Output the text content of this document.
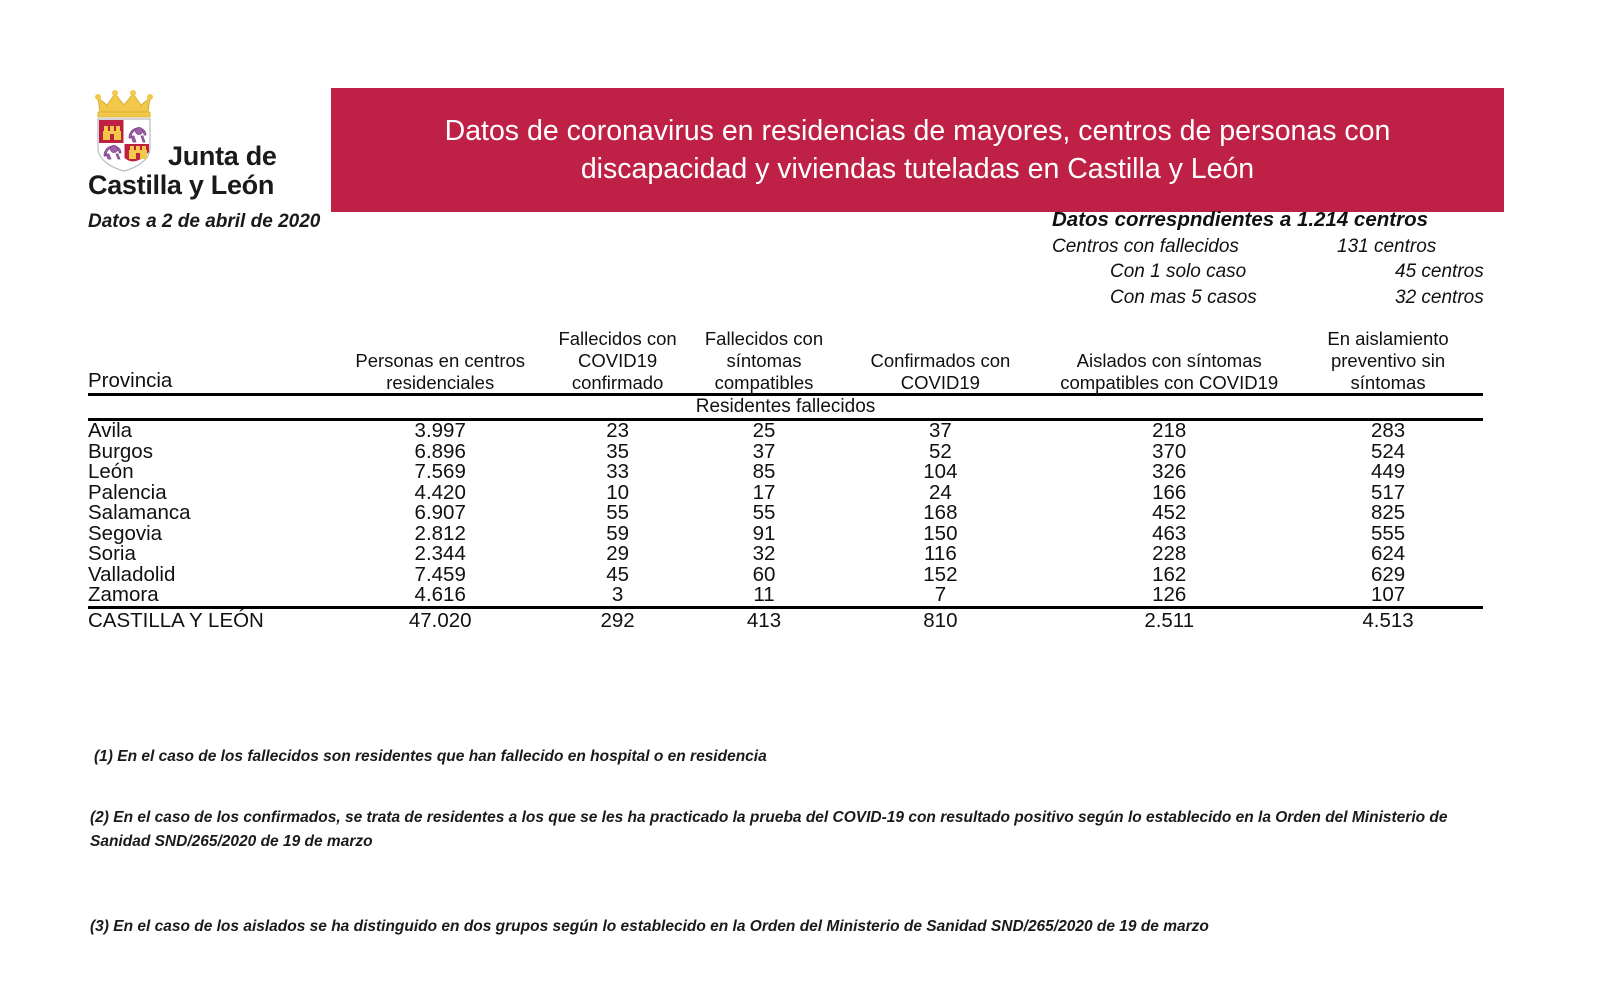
Junta de
Castilla y León
Datos a 2 de abril de 2020
Datos de coronavirus en residencias de mayores, centros de personas con discapacidad y viviendas tuteladas en Castilla y León
Datos correspndientes a 1.214 centros
Centros con fallecidos	131 centros
Con 1 solo caso	45 centros
Con mas 5 casos	32 centros
Provincia	Personas en centros residenciales	Fallecidos con COVID19 confirmado	Fallecidos con síntomas compatibles	Confirmados con COVID19	Aislados con síntomas compatibles con COVID19	En aislamiento preventivo sin síntomas
Residentes fallecidos						

Avila	3.997	23	25	37	218	283
Burgos	6.896	35	37	52	370	524
León	7.569	33	85	104	326	449
Palencia	4.420	10	17	24	166	517
Salamanca	6.907	55	55	168	452	825
Segovia	2.812	59	91	150	463	555
Soria	2.344	29	32	116	228	624
Valladolid	7.459	45	60	152	162	629
Zamora	4.616	3	11	7	126	107

CASTILLA Y LEÓN	47.020	292	413	810	2.511	4.513
(1) En el caso de los fallecidos son residentes que han fallecido en hospital o en residencia
(2) En el caso de los confirmados, se trata de residentes a los que se les ha practicado la prueba del COVID-19 con resultado positivo según lo establecido en la Orden del Ministerio de Sanidad SND/265/2020 de 19 de marzo
(3) En el caso de los aislados se ha distinguido en dos grupos según lo establecido en la Orden del Ministerio de Sanidad SND/265/2020 de 19 de marzo
